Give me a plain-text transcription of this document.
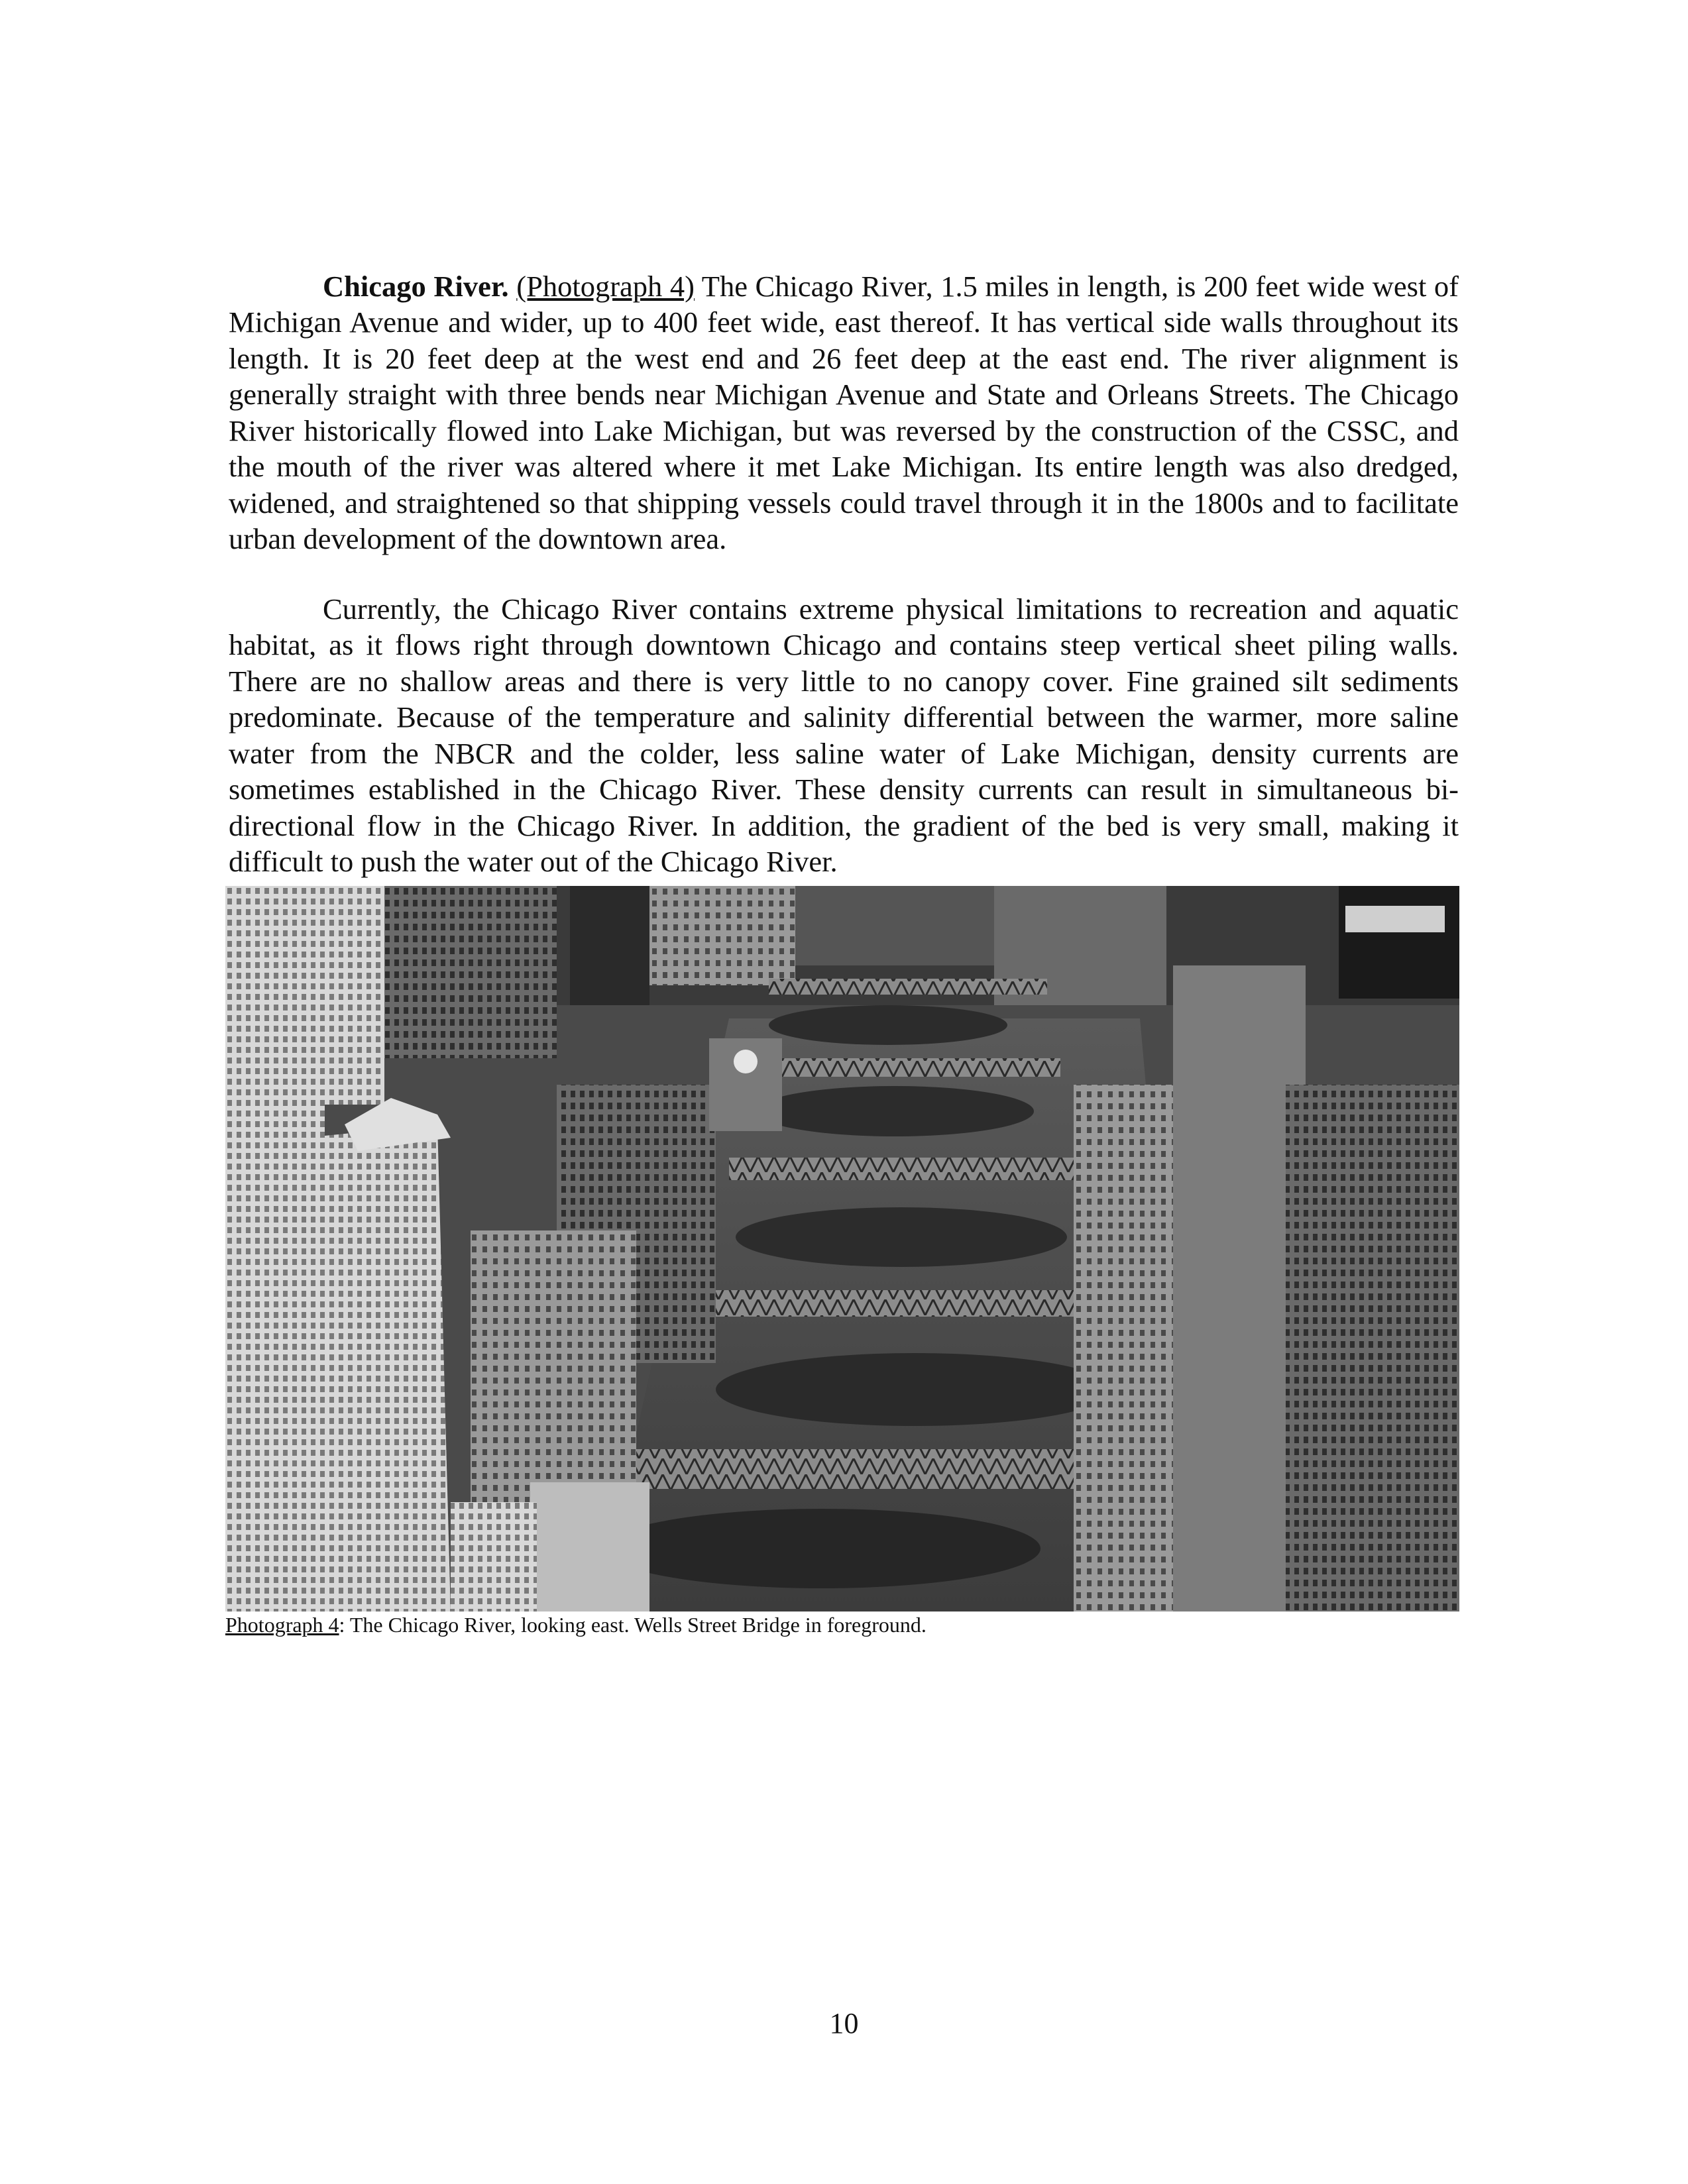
Chicago River. (Photograph 4) The Chicago River, 1.5 miles in length, is 200 feet wide west of Michigan Avenue and wider, up to 400 feet wide, east thereof. It has vertical side walls throughout its length. It is 20 feet deep at the west end and 26 feet deep at the east end. The river alignment is generally straight with three bends near Michigan Avenue and State and Orleans Streets. The Chicago River historically flowed into Lake Michigan, but was reversed by the construction of the CSSC, and the mouth of the river was altered where it met Lake Michigan. Its entire length was also dredged, widened, and straightened so that shipping vessels could travel through it in the 1800s and to facilitate urban development of the downtown area.

Currently, the Chicago River contains extreme physical limitations to recreation and aquatic habitat, as it flows right through downtown Chicago and contains steep vertical sheet piling walls. There are no shallow areas and there is very little to no canopy cover. Fine grained silt sediments predominate. Because of the temperature and salinity differential between the warmer, more saline water from the NBCR and the colder, less saline water of Lake Michigan, density currents are sometimes established in the Chicago River. These density currents can result in simultaneous bi-directional flow in the Chicago River. In addition, the gradient of the bed is very small, making it difficult to push the water out of the Chicago River.

Photograph 4: The Chicago River, looking east. Wells Street Bridge in foreground.
10
